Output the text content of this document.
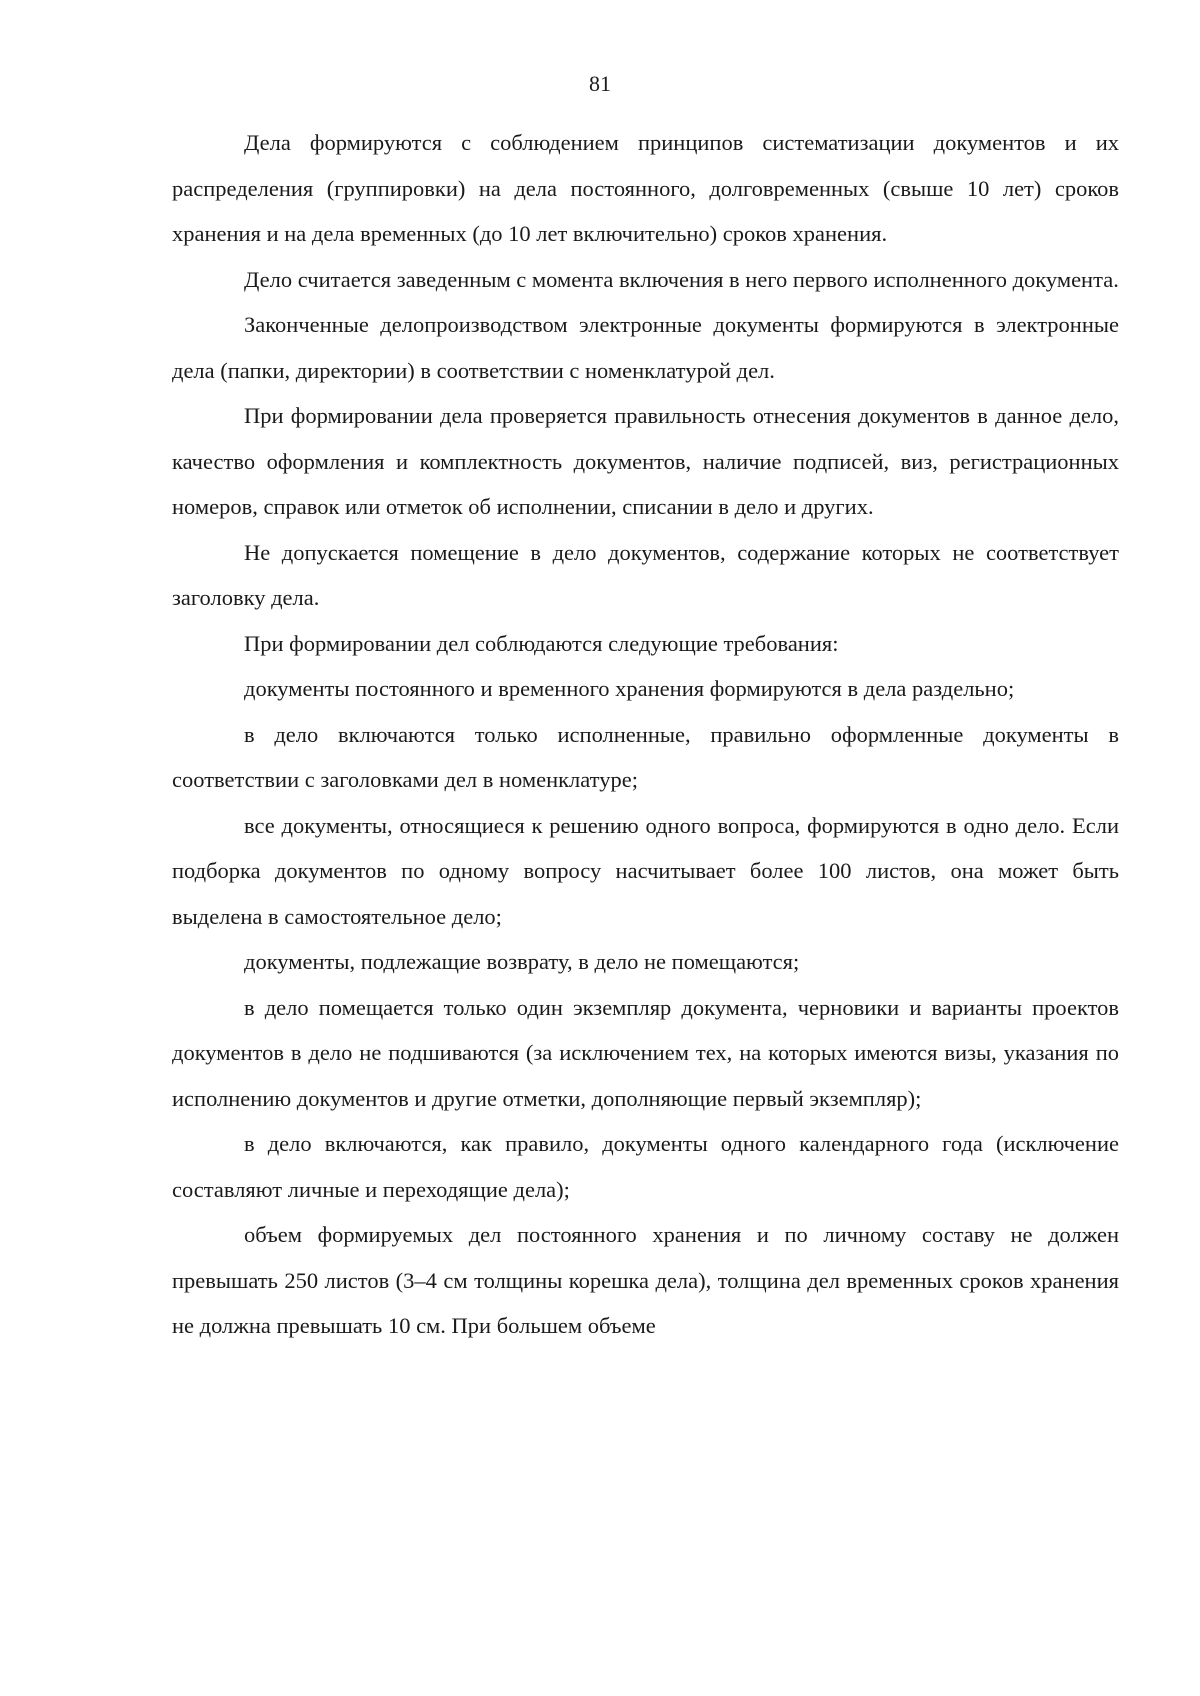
81

Дела формируются с соблюдением принципов систематизации документов и их распределения (группировки) на дела постоянного, долговременных (свыше 10 лет) сроков хранения и на дела временных (до 10 лет включительно) сроков хранения.

Дело считается заведенным с момента включения в него первого исполненного документа.

Законченные делопроизводством электронные документы формируются в электронные дела (папки, директории) в соответствии с номенклатурой дел.

При формировании дела проверяется правильность отнесения документов в данное дело, качество оформления и комплектность документов, наличие подписей, виз, регистрационных номеров, справок или отметок об исполнении, списании в дело и других.

Не допускается помещение в дело документов, содержание которых не соответствует заголовку дела.

При формировании дел соблюдаются следующие требования:

документы постоянного и временного хранения формируются в дела раздельно;

в дело включаются только исполненные, правильно оформленные документы в соответствии с заголовками дел в номенклатуре;

все документы, относящиеся к решению одного вопроса, формируются в одно дело. Если подборка документов по одному вопросу насчитывает более 100 листов, она может быть выделена в самостоятельное дело;

документы, подлежащие возврату, в дело не помещаются;

в дело помещается только один экземпляр документа, черновики и варианты проектов документов в дело не подшиваются (за исключением тех, на которых имеются визы, указания по исполнению документов и другие отметки, дополняющие первый экземпляр);

в дело включаются, как правило, документы одного календарного года (исключение составляют личные и переходящие дела);

объем формируемых дел постоянного хранения и по личному составу не должен превышать 250 листов (3–4 см толщины корешка дела), толщина дел временных сроков хранения не должна превышать 10 см. При большем объеме
